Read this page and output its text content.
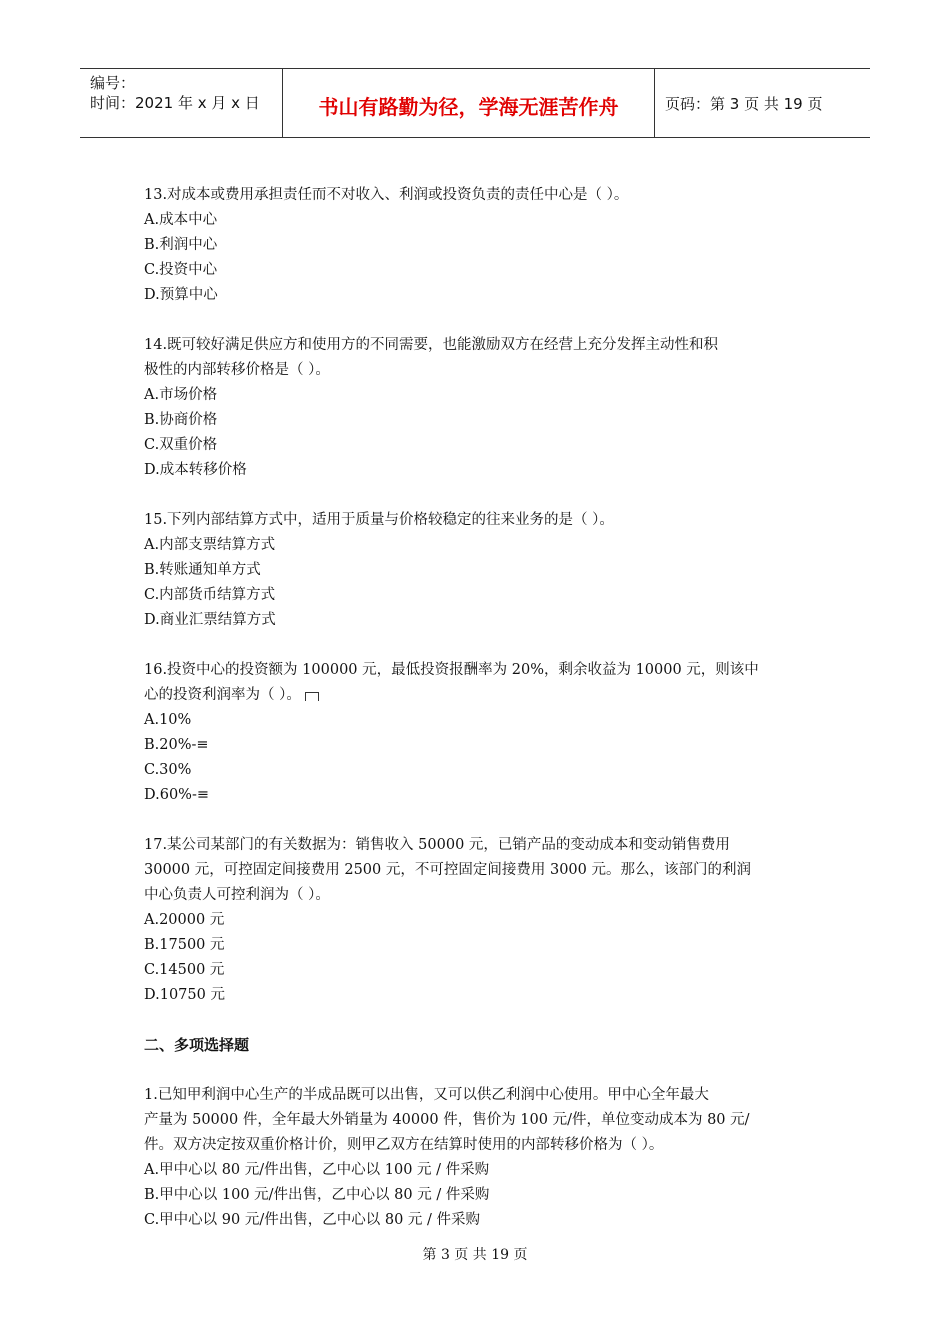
编号：
时间：2021 年 x 月 x 日	书山有路勤为径，学海无涯苦作舟	页码：第 3 页 共 19 页
13.对成本或费用承担责任而不对收入、利润或投资负责的责任中心是（ ）。
A.成本中心
B.利润中心
C.投资中心
D.预算中心
14.既可较好满足供应方和使用方的不同需要，也能激励双方在经营上充分发挥主动性和积
极性的内部转移价格是（ ）。
A.市场价格
B.协商价格
C.双重价格
D.成本转移价格
15.下列内部结算方式中，适用于质量与价格较稳定的往来业务的是（ ）。
A.内部支票结算方式
B.转账通知单方式
C.内部货币结算方式
D.商业汇票结算方式
16.投资中心的投资额为 100000 元，最低投资报酬率为 20%，剩余收益为 10000 元，则该中
心的投资利润率为（ ）。
A.10%
B.20%-≡
C.30%
D.60%-≡
17.某公司某部门的有关数据为：销售收入 50000 元，已销产品的变动成本和变动销售费用
30000 元，可控固定间接费用 2500 元，不可控固定间接费用 3000 元。那么，该部门的利润
中心负责人可控利润为（ ）。
A.20000 元
B.17500 元
C.14500 元
D.10750 元
二、多项选择题
1.已知甲利润中心生产的半成品既可以出售，又可以供乙利润中心使用。甲中心全年最大
产量为 50000 件，全年最大外销量为 40000 件，售价为 100 元/件，单位变动成本为 80 元/
件。双方决定按双重价格计价，则甲乙双方在结算时使用的内部转移价格为（ ）。
A.甲中心以 80 元/件出售，乙中心以 100 元 / 件采购
B.甲中心以 100 元/件出售，乙中心以 80 元 / 件采购
C.甲中心以 90 元/件出售，乙中心以 80 元 / 件采购
第 3 页 共 19 页
